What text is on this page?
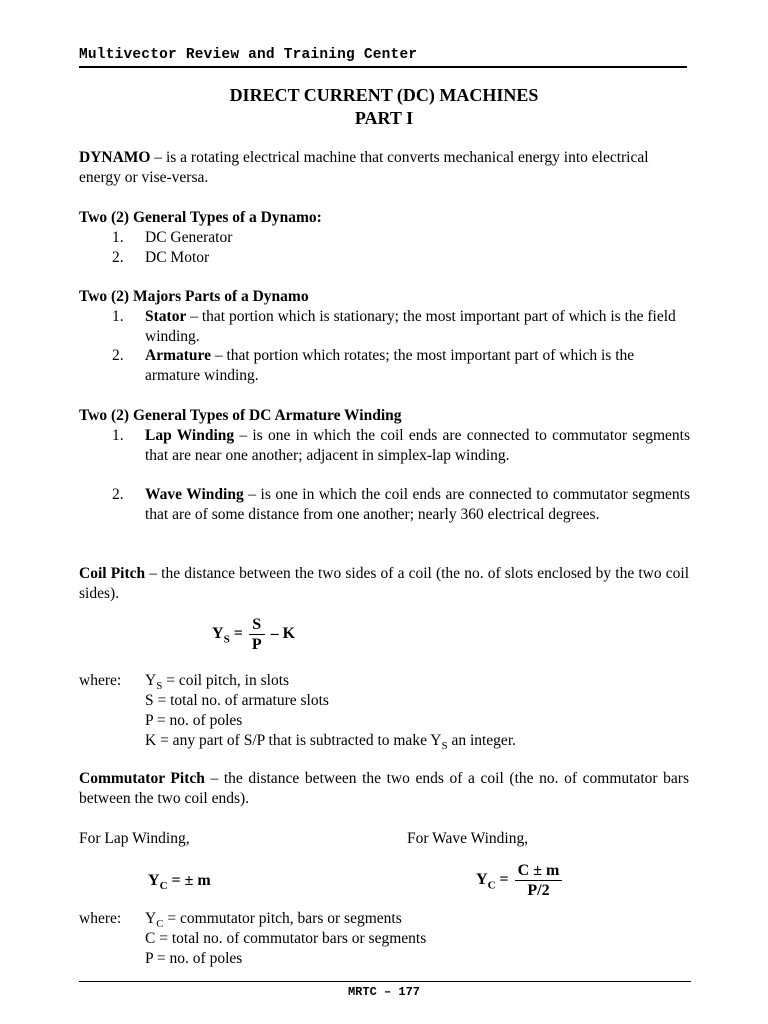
Multivector Review and Training Center
DIRECT CURRENT (DC) MACHINES
PART I
DYNAMO – is a rotating electrical machine that converts mechanical energy into electrical energy or vise-versa.
Two (2) General Types of a Dynamo:
1. DC Generator
2. DC Motor
Two (2) Majors Parts of a Dynamo
1. Stator – that portion which is stationary; the most important part of which is the field winding.
2. Armature – that portion which rotates; the most important part of which is the armature winding.
Two (2) General Types of DC Armature Winding
1. Lap Winding – is one in which the coil ends are connected to commutator segments that are near one another; adjacent in simplex-lap winding.
2. Wave Winding – is one in which the coil ends are connected to commutator segments that are of some distance from one another; nearly 360 electrical degrees.
Coil Pitch – the distance between the two sides of a coil (the no. of slots enclosed by the two coil sides).
$Y_S = \frac{S}{P} - K$
where: $Y_S$ = coil pitch, in slots
S = total no. of armature slots
P = no. of poles
K = any part of S/P that is subtracted to make $Y_S$ an integer.
Commutator Pitch – the distance between the two ends of a coil (the no. of commutator bars between the two coil ends).
For Lap Winding,	For Wave Winding,
$Y_C$ = ± m	$Y_C = \frac{C \pm m}{P/2}$
where: $Y_C$ = commutator pitch, bars or segments
C = total no. of commutator bars or segments
P = no. of poles
MRTC – 177
